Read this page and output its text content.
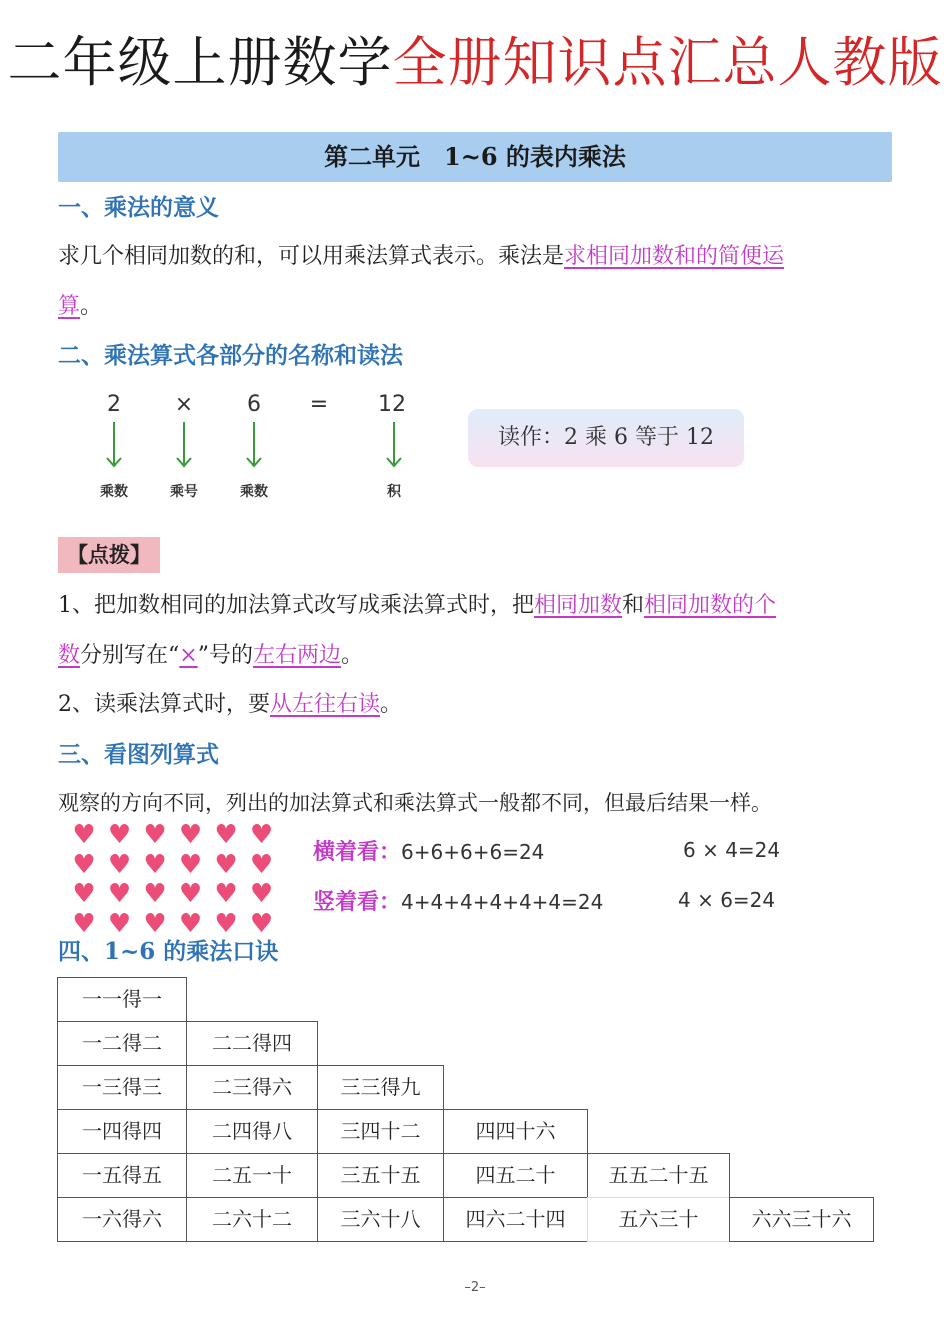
二年级上册数学全册知识点汇总人教版
第二单元　1~6 的表内乘法
一、乘法的意义
求几个相同加数的和，可以用乘法算式表示。乘法是求相同加数和的简便运
算。
二、乘法算式各部分的名称和读法
2	×	6	=	12
乘数	乘号	乘数	积
读作：2 乘 6 等于 12
【点拨】
1、把加数相同的加法算式改写成乘法算式时，把相同加数和相同加数的个
数分别写在“×”号的左右两边。
2、读乘法算式时，要从左往右读。
三、看图列算式
观察的方向不同，列出的加法算式和乘法算式一般都不同，但最后结果一样。
♥ ♥ ♥ ♥ ♥ ♥
♥ ♥ ♥ ♥ ♥ ♥
♥ ♥ ♥ ♥ ♥ ♥
♥ ♥ ♥ ♥ ♥ ♥
横着看：6+6+6+6=24	6 × 4=24
竖着看：4+4+4+4+4+4=24	4 × 6=24
四、1~6 的乘法口诀
一一得一
一二得二	二二得四
一三得三	二三得六	三三得九
一四得四	二四得八	三四十二	四四十六
一五得五	二五一十	三五十五	四五二十	五五二十五
一六得六	二六十二	三六十八	四六二十四	五六三十	六六三十六
–2–
